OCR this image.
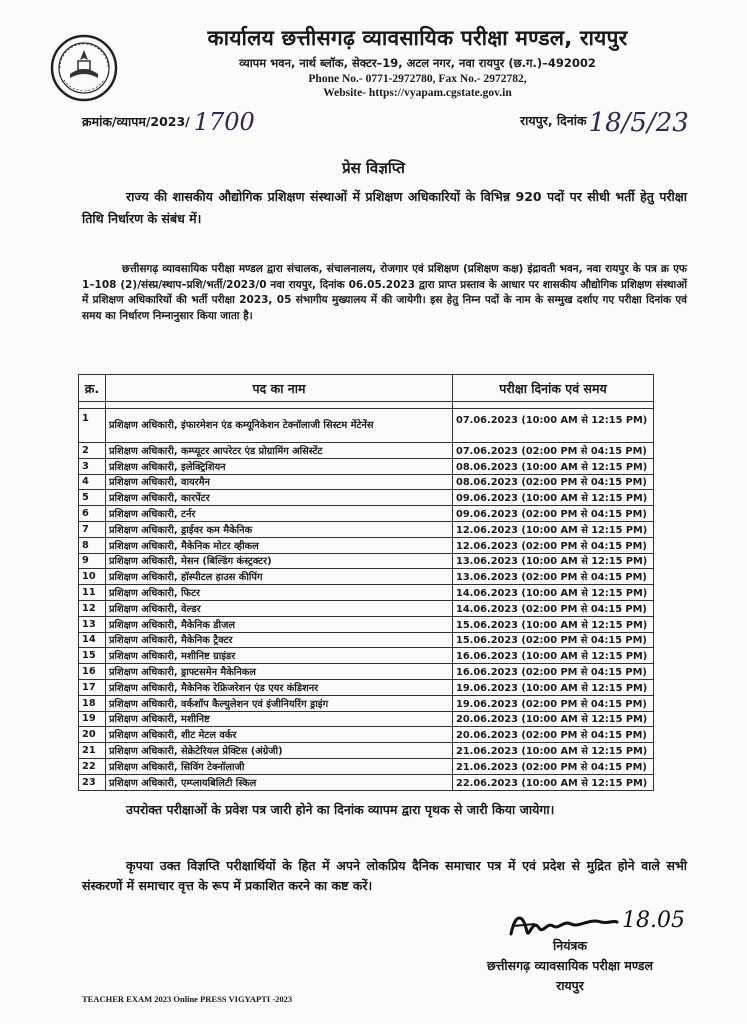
कार्यालय छत्तीसगढ़ व्यावसायिक परीक्षा मण्डल, रायपुर
व्यापम भवन, नार्थ ब्लॉक, सेक्टर–19, अटल नगर, नवा रायपुर (छ.ग.)–492002
Phone No.- 0771-2972780, Fax No.- 2972782,
Website- https://vyapam.cgstate.gov.in
क्रमांक/व्यापम/2023/ 1700	रायपुर, दिनांक18/5/23
प्रेस विज्ञप्ति
राज्य की शासकीय औद्योगिक प्रशिक्षण संस्थाओं में प्रशिक्षण अधिकारियों के विभिन्न 920 पदों पर सीधी भर्ती हेतु परीक्षा तिथि निर्धारण के संबंध में।
छत्तीसगढ़ व्यावसायिक परीक्षा मण्डल द्वारा संचालक, संचालनालय, रोजगार एवं प्रशिक्षण (प्रशिक्षण कक्ष) इंद्रावती भवन, नवा रायपुर के पत्र क्र एफ 1–108 (2)/संस्प्र/स्थाप–प्रशि/भर्ती/2023/0 नवा रायपुर, दिनांक 06.05.2023 द्वारा प्राप्त प्रस्ताव के आधार पर शासकीय औद्योगिक प्रशिक्षण संस्थाओं में प्रशिक्षण अधिकारियों की भर्ती परीक्षा 2023, 05 संभागीय मुख्यालय में की जायेगी। इस हेतु निम्न पदों के नाम के सम्मुख दर्शाए गए परीक्षा दिनांक एवं समय का निर्धारण निम्नानुसार किया जाता है।
क्र.	पद का नाम	परीक्षा दिनांक एवं समय

1	प्रशिक्षण अधिकारी, इंफारमेशन एंड कम्यूनिकेशन टेक्नॉलाजी सिस्टम मेंटेनेंस	07.06.2023 (10:00 AM से 12:15 PM)
2	प्रशिक्षण अधिकारी, कम्प्यूटर आपरेटर एंड प्रोग्रामिंग असिस्टेंट	07.06.2023 (02:00 PM से 04:15 PM)
3	प्रशिक्षण अधिकारी, इलेक्ट्रिशियन	08.06.2023 (10:00 AM से 12:15 PM)
4	प्रशिक्षण अधिकारी, वायरमैन	08.06.2023 (02:00 PM से 04:15 PM)
5	प्रशिक्षण अधिकारी, कारपेंटर	09.06.2023 (10:00 AM से 12:15 PM)
6	प्रशिक्षण अधिकारी, टर्नर	09.06.2023 (02:00 PM से 04:15 PM)
7	प्रशिक्षण अधिकारी, ड्राईवर कम मैकेनिक	12.06.2023 (10:00 AM से 12:15 PM)
8	प्रशिक्षण अधिकारी, मैकेनिक मोटर व्हीकल	12.06.2023 (02:00 PM से 04:15 PM)
9	प्रशिक्षण अधिकारी, मेसन (बिल्डिंग कंस्ट्रक्टर)	13.06.2023 (10:00 AM से 12:15 PM)
10	प्रशिक्षण अधिकारी, हॉस्पीटल हाउस कीपिंग	13.06.2023 (02:00 PM से 04:15 PM)
11	प्रशिक्षण अधिकारी, फिटर	14.06.2023 (10:00 AM से 12:15 PM)
12	प्रशिक्षण अधिकारी, वेल्डर	14.06.2023 (02:00 PM से 04:15 PM)
13	प्रशिक्षण अधिकारी, मैकेनिक डीजल	15.06.2023 (10:00 AM से 12:15 PM)
14	प्रशिक्षण अधिकारी, मैकेनिक ट्रैक्टर	15.06.2023 (02:00 PM से 04:15 PM)
15	प्रशिक्षण अधिकारी, मशीनिष्ट ग्राइंडर	16.06.2023 (10:00 AM से 12:15 PM)
16	प्रशिक्षण अधिकारी, ड्राफ्टसमेन मैकेनिकल	16.06.2023 (02:00 PM से 04:15 PM)
17	प्रशिक्षण अधिकारी, मैकेनिक रेफ्रिजरेशन एंड एयर कंडिशनर	19.06.2023 (10:00 AM से 12:15 PM)
18	प्रशिक्षण अधिकारी, वर्कशॉप कैल्युलेशन एवं इंजीनियरिंग ड्राइंग	19.06.2023 (02:00 PM से 04:15 PM)
19	प्रशिक्षण अधिकारी, मशीनिष्ट	20.06.2023 (10:00 AM से 12:15 PM)
20	प्रशिक्षण अधिकारी, शीट मेटल वर्कर	20.06.2023 (02:00 PM से 04:15 PM)
21	प्रशिक्षण अधिकारी, सेक्रेटेरियल प्रेक्टिस (अंग्रेजी)	21.06.2023 (10:00 AM से 12:15 PM)
22	प्रशिक्षण अधिकारी, सिविंग टेक्नॉलाजी	21.06.2023 (02:00 PM से 04:15 PM)
23	प्रशिक्षण अधिकारी, एम्प्लायबिलिटी स्किल	22.06.2023 (10:00 AM से 12:15 PM)
उपरोक्त परीक्षाओं के प्रवेश पत्र जारी होने का दिनांक व्यापम द्वारा पृथक से जारी किया जायेगा।
कृपया उक्त विज्ञप्ति परीक्षार्थियों के हित में अपने लोकप्रिय दैनिक समाचार पत्र में एवं प्रदेश से मुद्रित होने वाले सभी संस्करणों में समाचार वृत्त के रूप में प्रकाशित करने का कष्ट करें।
18.05
नियंत्रक
छत्तीसगढ़ व्यावसायिक परीक्षा मण्डल
रायपुर
TEACHER EXAM 2023 Online PRESS VIGYAPTI -2023
